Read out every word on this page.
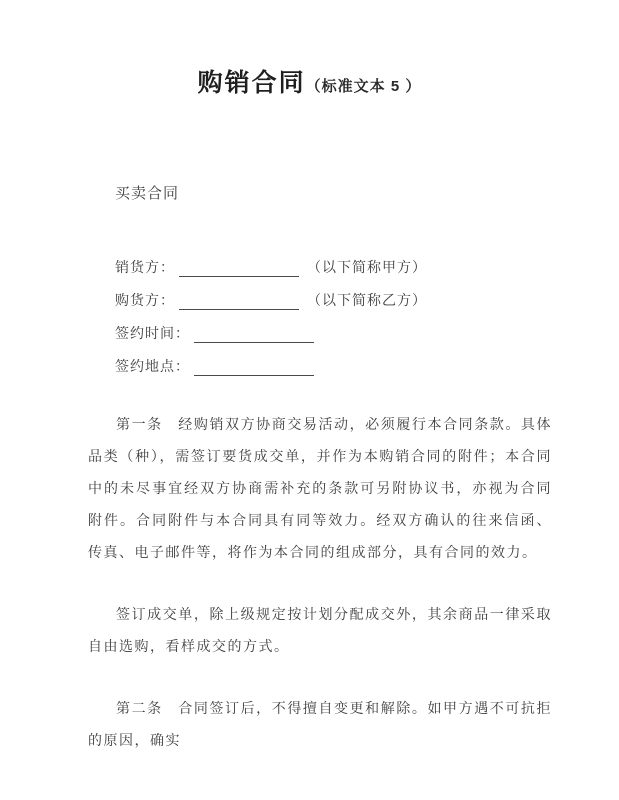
购销合同（标准文本 5 ）
买卖合同
销货方：	（以下简称甲方）
购货方：	（以下简称乙方）
签约时间：
签约地点：

第一条　经购销双方协商交易活动，必须履行本合同条款。具体品类（种），需签订要货成交单，并作为本购销合同的附件；本合同中的未尽事宜经双方协商需补充的条款可另附协议书，亦视为合同附件。合同附件与本合同具有同等效力。经双方确认的往来信函、传真、电子邮件等，将作为本合同的组成部分，具有合同的效力。

签订成交单，除上级规定按计划分配成交外，其余商品一律采取自由选购，看样成交的方式。

第二条　合同签订后，不得擅自变更和解除。如甲方遇不可抗拒的原因，确实
